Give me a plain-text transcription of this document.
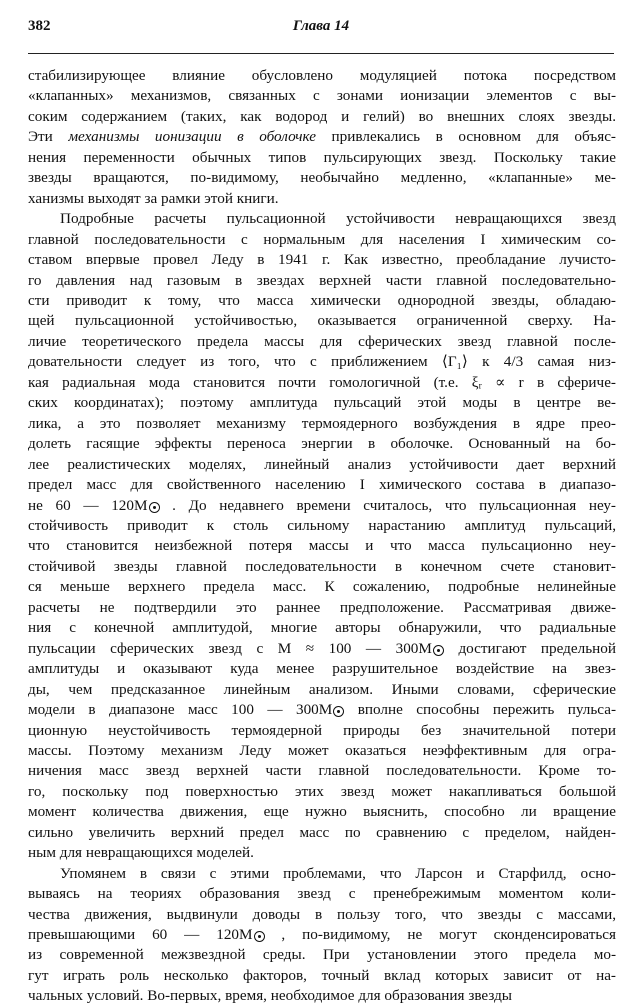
382	Глава 14
стабилизирующее влияние обусловлено модуляцией потока посредством
«клапанных» механизмов, связанных с зонами ионизации элементов с вы-
соким содержанием (таких, как водород и гелий) во внешних слоях звезды.
Эти механизмы ионизации в оболочке привлекались в основном для объяс-
нения переменности обычных типов пульсирующих звезд. Поскольку такие
звезды вращаются, по-видимому, необычайно медленно, «клапанные» ме-
ханизмы выходят за рамки этой книги.
Подробные расчеты пульсационной устойчивости невращающихся звезд
главной последовательности с нормальным для населения I химическим со-
ставом впервые провел Леду в 1941 г. Как известно, преобладание лучисто-
го давления над газовым в звездах верхней части главной последовательно-
сти приводит к тому, что масса химически однородной звезды, обладаю-
щей пульсационной устойчивостью, оказывается ограниченной сверху. На-
личие теоретического предела массы для сферических звезд главной после-
довательности следует из того, что с приближением ⟨Γ₁⟩ к 4/3 самая низ-
кая радиальная мода становится почти гомологичной (т.е. ξᵣ ∝ r в сфериче-
ских координатах); поэтому амплитуда пульсаций этой моды в центре ве-
лика, а это позволяет механизму термоядерного возбуждения в ядре прео-
долеть гасящие эффекты переноса энергии в оболочке. Основанный на бо-
лее реалистических моделях, линейный анализ устойчивости дает верхний
предел масс для свойственного населению I химического состава в диапазо-
не 60 — 120M . До недавнего времени считалось, что пульсационная неу-
стойчивость приводит к столь сильному нарастанию амплитуд пульсаций,
что становится неизбежной потеря массы и что масса пульсационно неу-
стойчивой звезды главной последовательности в конечном счете становит-
ся меньше верхнего предела масс. К сожалению, подробные нелинейные
расчеты не подтвердили это раннее предположение. Рассматривая движе-
ния с конечной амплитудой, многие авторы обнаружили, что радиальные
пульсации сферических звезд с M ≈ 100 — 300M достигают предельной
амплитуды и оказывают куда менее разрушительное воздействие на звез-
ды, чем предсказанное линейным анализом. Иными словами, сферические
модели в диапазоне масс 100 — 300M вполне способны пережить пульса-
ционную неустойчивость термоядерной природы без значительной потери
массы. Поэтому механизм Леду может оказаться неэффективным для огра-
ничения масс звезд верхней части главной последовательности. Кроме то-
го, поскольку под поверхностью этих звезд может накапливаться большой
момент количества движения, еще нужно выяснить, способно ли вращение
сильно увеличить верхний предел масс по сравнению с пределом, найден-
ным для невращающихся моделей.
Упомянем в связи с этими проблемами, что Ларсон и Старфилд, осно-
вываясь на теориях образования звезд с пренебрежимым моментом коли-
чества движения, выдвинули доводы в пользу того, что звезды с массами,
превышающими 60 — 120M , по-видимому, не могут сконденсироваться
из современной межзвездной среды. При установлении этого предела мо-
гут играть роль несколько факторов, точный вклад которых зависит от на-
чальных условий. Во-первых, время, необходимое для образования звезды
